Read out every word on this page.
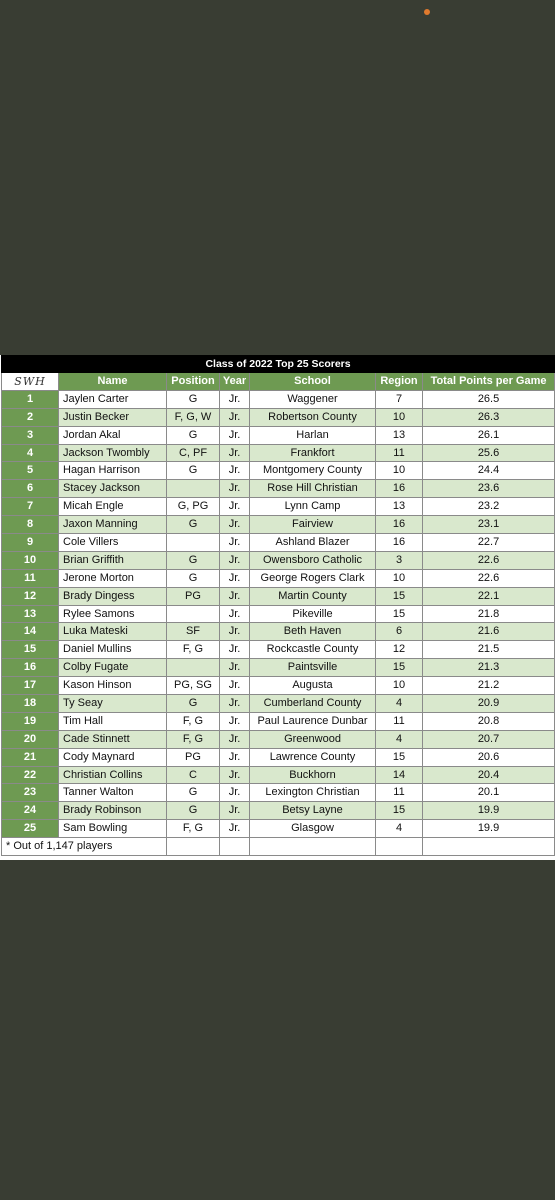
Class of 2022 Top 25 Scorers						
SWH	Name	Position	Year	School	Region	Total Points per Game
1	Jaylen Carter	G	Jr.	Waggener	7	26.5
2	Justin Becker	F, G, W	Jr.	Robertson County	10	26.3
3	Jordan Akal	G	Jr.	Harlan	13	26.1
4	Jackson Twombly	C, PF	Jr.	Frankfort	11	25.6
5	Hagan Harrison	G	Jr.	Montgomery County	10	24.4
6	Stacey Jackson		Jr.	Rose Hill Christian	16	23.6
7	Micah Engle	G, PG	Jr.	Lynn Camp	13	23.2
8	Jaxon Manning	G	Jr.	Fairview	16	23.1
9	Cole Villers		Jr.	Ashland Blazer	16	22.7
10	Brian Griffith	G	Jr.	Owensboro Catholic	3	22.6
11	Jerone Morton	G	Jr.	George Rogers Clark	10	22.6
12	Brady Dingess	PG	Jr.	Martin County	15	22.1
13	Rylee Samons		Jr.	Pikeville	15	21.8
14	Luka Mateski	SF	Jr.	Beth Haven	6	21.6
15	Daniel Mullins	F, G	Jr.	Rockcastle County	12	21.5
16	Colby Fugate		Jr.	Paintsville	15	21.3
17	Kason Hinson	PG, SG	Jr.	Augusta	10	21.2
18	Ty Seay	G	Jr.	Cumberland County	4	20.9
19	Tim Hall	F, G	Jr.	Paul Laurence Dunbar	11	20.8
20	Cade Stinnett	F, G	Jr.	Greenwood	4	20.7
21	Cody Maynard	PG	Jr.	Lawrence County	15	20.6
22	Christian Collins	C	Jr.	Buckhorn	14	20.4
23	Tanner Walton	G	Jr.	Lexington Christian	11	20.1
24	Brady Robinson	G	Jr.	Betsy Layne	15	19.9
25	Sam Bowling	F, G	Jr.	Glasgow	4	19.9
* Out of 1,147 players						
